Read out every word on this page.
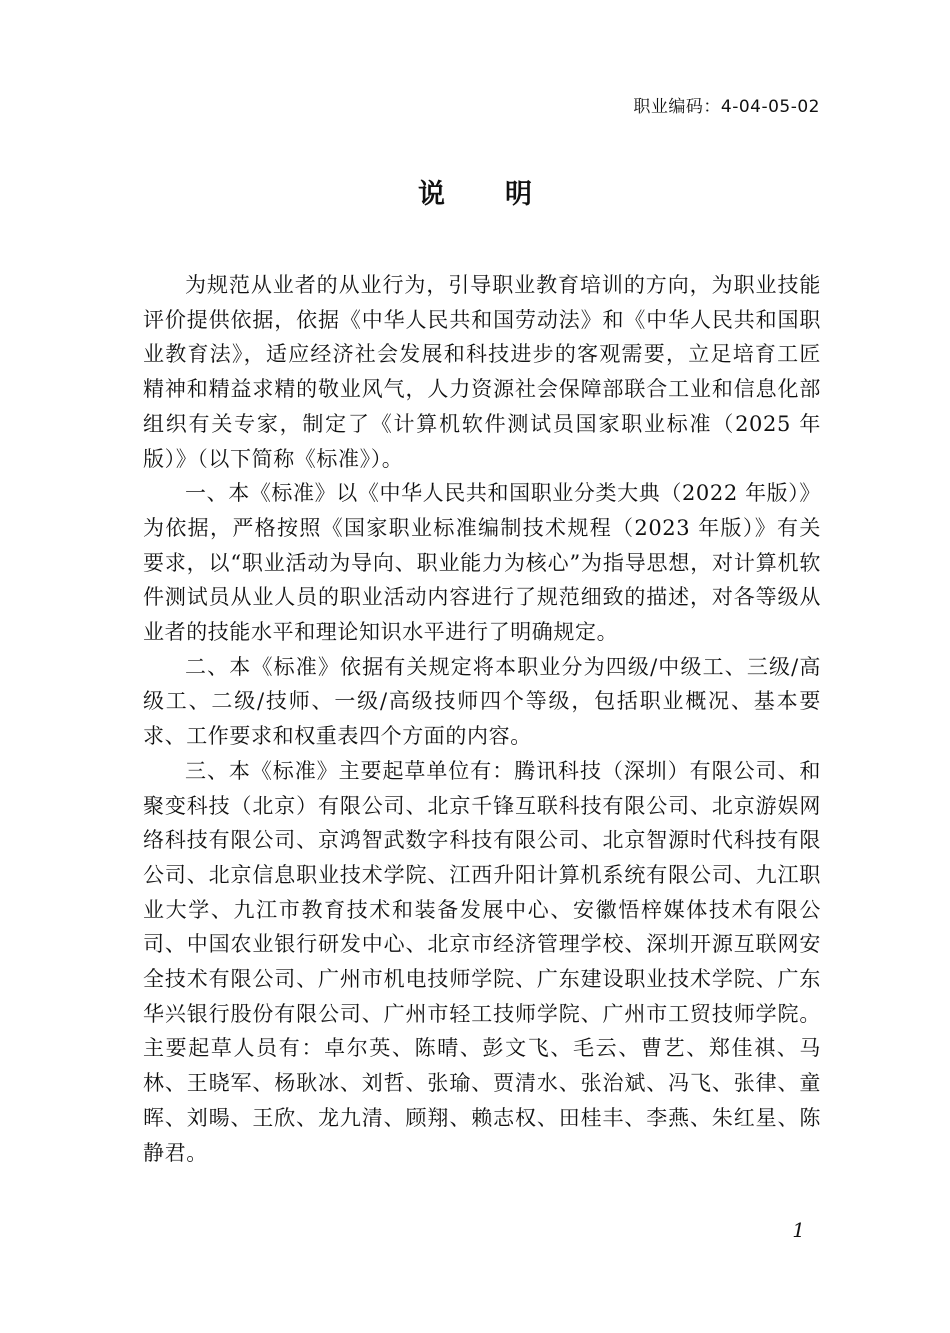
职业编码：4-04-05-02
说明

为规范从业者的从业行为，引导职业教育培训的方向，为职业技能评价提供依据，依据《中华人民共和国劳动法》和《中华人民共和国职业教育法》，适应经济社会发展和科技进步的客观需要，立足培育工匠精神和精益求精的敬业风气，人力资源社会保障部联合工业和信息化部组织有关专家，制定了《计算机软件测试员国家职业标准（2025 年版）》（以下简称《标准》）。

一、本《标准》以《中华人民共和国职业分类大典（2022 年版）》为依据，严格按照《国家职业标准编制技术规程（2023 年版）》有关要求，以“职业活动为导向、职业能力为核心”为指导思想，对计算机软件测试员从业人员的职业活动内容进行了规范细致的描述，对各等级从业者的技能水平和理论知识水平进行了明确规定。

二、本《标准》依据有关规定将本职业分为四级/中级工、三级/高级工、二级/技师、一级/高级技师四个等级，包括职业概况、基本要求、工作要求和权重表四个方面的内容。

三、本《标准》主要起草单位有：腾讯科技（深圳）有限公司、和聚变科技（北京）有限公司、北京千锋互联科技有限公司、北京游娱网络科技有限公司、京鸿智武数字科技有限公司、北京智源时代科技有限公司、北京信息职业技术学院、江西升阳计算机系统有限公司、九江职业大学、九江市教育技术和装备发展中心、安徽悟梓媒体技术有限公司、中国农业银行研发中心、北京市经济管理学校、深圳开源互联网安全技术有限公司、广州市机电技师学院、广东建设职业技术学院、广东华兴银行股份有限公司、广州市轻工技师学院、广州市工贸技师学院。主要起草人员有：卓尔英、陈晴、彭文飞、毛云、曹艺、郑佳祺、马林、王晓军、杨耿冰、刘哲、张瑜、贾清水、张治斌、冯飞、张律、童晖、刘暘、王欣、龙九清、顾翔、赖志权、田桂丰、李燕、朱红星、陈静君。

1
